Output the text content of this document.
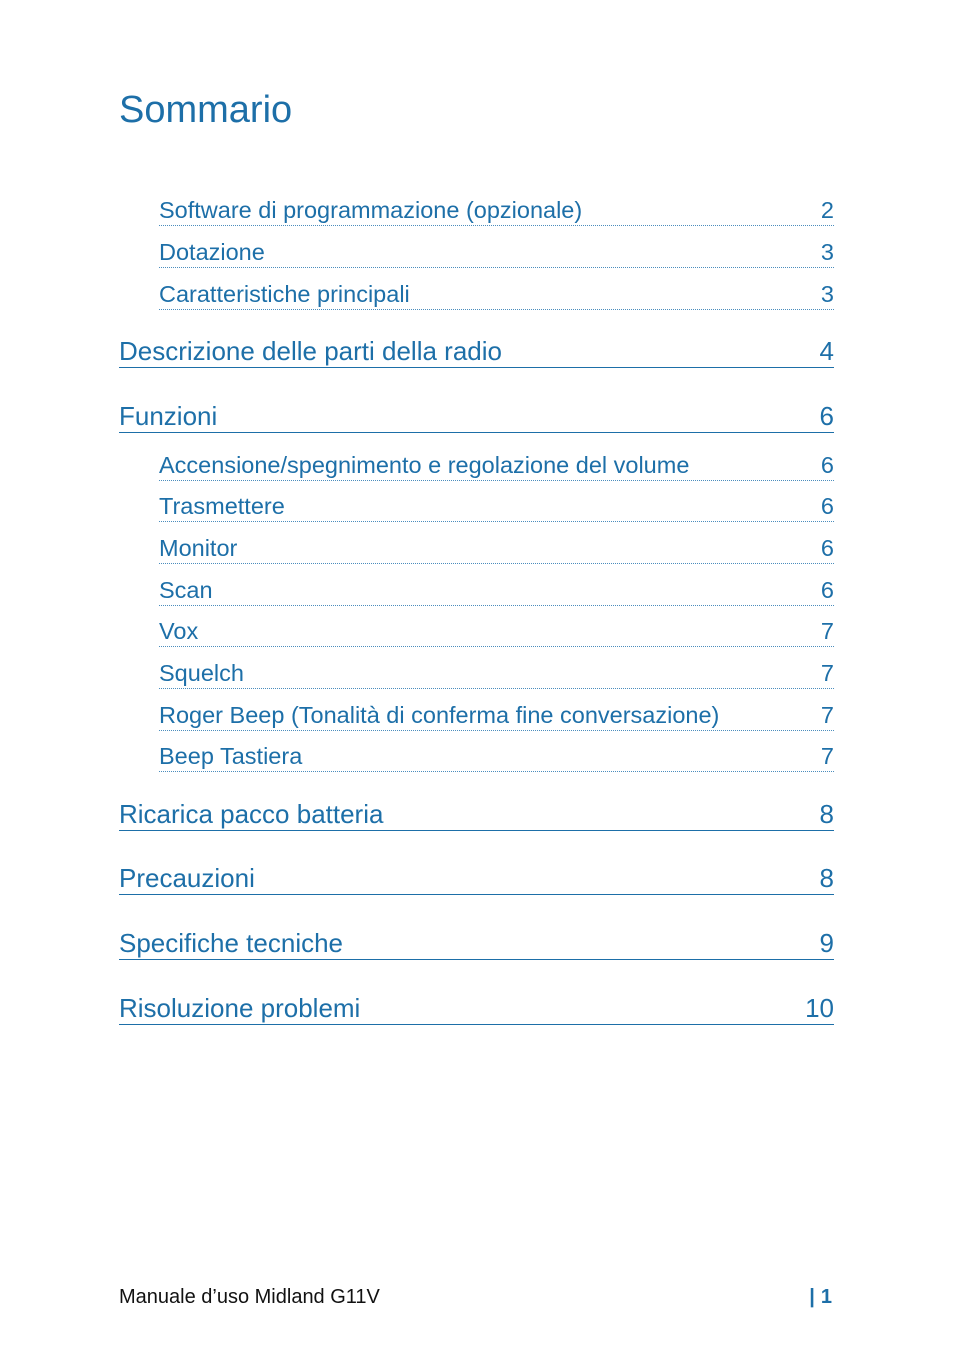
Sommario
Software di programmazione (opzionale)	2
Dotazione	3
Caratteristiche principali	3
Descrizione delle parti della radio	4
Funzioni	6
Accensione/spegnimento e regolazione del volume	6
Trasmettere	6
Monitor	6
Scan	6
Vox	7
Squelch	7
Roger Beep (Tonalità di conferma fine conversazione)	7
Beep Tastiera	7
Ricarica pacco batteria	8
Precauzioni	8
Specifiche tecniche	9
Risoluzione problemi	10
Manuale d’uso Midland G11V	| 1
